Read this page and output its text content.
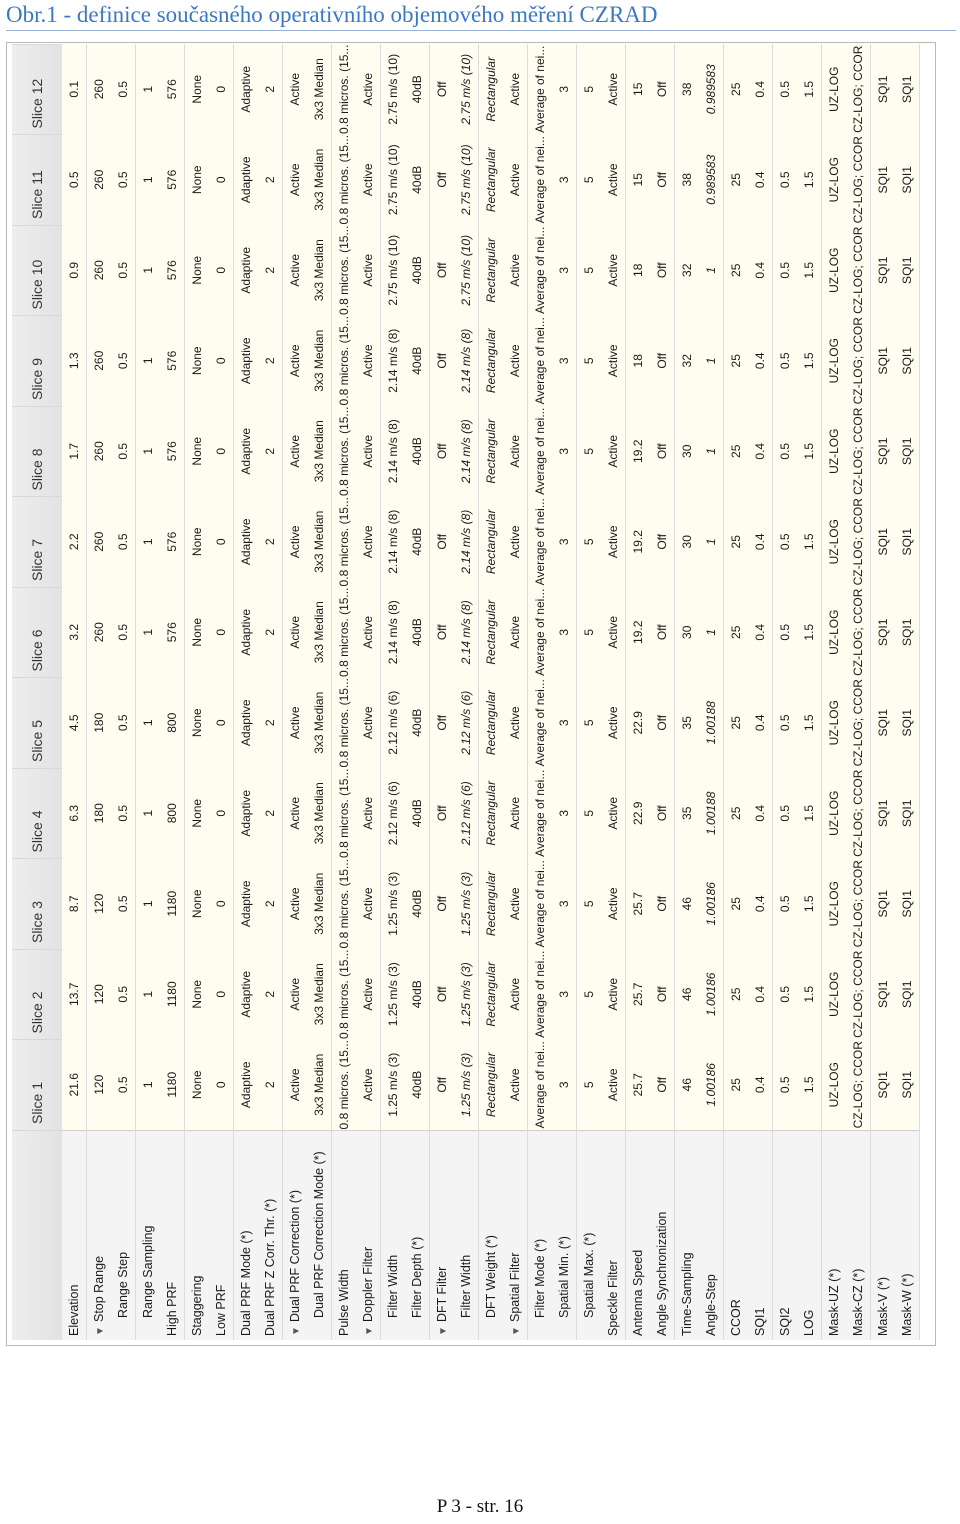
Obr.1 - definice současného operativního objemového měření CZRAD
Slice 1
Slice 2
Slice 3
Slice 4
Slice 5
Slice 6
Slice 7
Slice 8
Slice 9
Slice 10
Slice 11
Slice 12
Elevation
21.6
13.7
8.7
6.3
4.5
3.2
2.2
1.7
1.3
0.9
0.5
0.1
▼Stop Range
120
120
120
180
180
260
260
260
260
260
260
260
Range Step
0.5
0.5
0.5
0.5
0.5
0.5
0.5
0.5
0.5
0.5
0.5
0.5
Range Sampling
1
1
1
1
1
1
1
1
1
1
1
1
High PRF
1180
1180
1180
800
800
576
576
576
576
576
576
576
Staggering
None
None
None
None
None
None
None
None
None
None
None
None
Low PRF
0
0
0
0
0
0
0
0
0
0
0
0
Dual PRF Mode (*)
Adaptive
Adaptive
Adaptive
Adaptive
Adaptive
Adaptive
Adaptive
Adaptive
Adaptive
Adaptive
Adaptive
Adaptive
Dual PRF Z Corr. Thr. (*)
2
2
2
2
2
2
2
2
2
2
2
2
▼Dual PRF Correction (*)
Active
Active
Active
Active
Active
Active
Active
Active
Active
Active
Active
Active
Dual PRF Correction Mode (*)
3x3 Median
3x3 Median
3x3 Median
3x3 Median
3x3 Median
3x3 Median
3x3 Median
3x3 Median
3x3 Median
3x3 Median
3x3 Median
3x3 Median
Pulse Width
0.8 micros. (15...
0.8 micros. (15...
0.8 micros. (15...
0.8 micros. (15...
0.8 micros. (15...
0.8 micros. (15...
0.8 micros. (15...
0.8 micros. (15...
0.8 micros. (15...
0.8 micros. (15...
0.8 micros. (15...
0.8 micros. (15...
▼Doppler Filter
Active
Active
Active
Active
Active
Active
Active
Active
Active
Active
Active
Active
Filter Width
1.25 m/s (3)
1.25 m/s (3)
1.25 m/s (3)
2.12 m/s (6)
2.12 m/s (6)
2.14 m/s (8)
2.14 m/s (8)
2.14 m/s (8)
2.14 m/s (8)
2.75 m/s (10)
2.75 m/s (10)
2.75 m/s (10)
Filter Depth (*)
40dB
40dB
40dB
40dB
40dB
40dB
40dB
40dB
40dB
40dB
40dB
40dB
▼DFT Filter
Off
Off
Off
Off
Off
Off
Off
Off
Off
Off
Off
Off
Filter Width
1.25 m/s (3)
1.25 m/s (3)
1.25 m/s (3)
2.12 m/s (6)
2.12 m/s (6)
2.14 m/s (8)
2.14 m/s (8)
2.14 m/s (8)
2.14 m/s (8)
2.75 m/s (10)
2.75 m/s (10)
2.75 m/s (10)
DFT Weight (*)
Rectangular
Rectangular
Rectangular
Rectangular
Rectangular
Rectangular
Rectangular
Rectangular
Rectangular
Rectangular
Rectangular
Rectangular
▼Spatial Filter
Active
Active
Active
Active
Active
Active
Active
Active
Active
Active
Active
Active
Filter Mode (*)
Average of nei...
Average of nei...
Average of nei...
Average of nei...
Average of nei...
Average of nei...
Average of nei...
Average of nei...
Average of nei...
Average of nei...
Average of nei...
Average of nei...
Spatial Min. (*)
3
3
3
3
3
3
3
3
3
3
3
3
Spatial Max. (*)
5
5
5
5
5
5
5
5
5
5
5
5
Speckle Filter
Active
Active
Active
Active
Active
Active
Active
Active
Active
Active
Active
Active
Antenna Speed
25.7
25.7
25.7
22.9
22.9
19.2
19.2
19.2
18
18
15
15
Angle Synchronization
Off
Off
Off
Off
Off
Off
Off
Off
Off
Off
Off
Off
Time-Sampling
46
46
46
35
35
30
30
30
32
32
38
38
Angle-Step
1.00186
1.00186
1.00186
1.00188
1.00188
1
1
1
1
1
0.989583
0.989583
CCOR
25
25
25
25
25
25
25
25
25
25
25
25
SQI1
0.4
0.4
0.4
0.4
0.4
0.4
0.4
0.4
0.4
0.4
0.4
0.4
SQI2
0.5
0.5
0.5
0.5
0.5
0.5
0.5
0.5
0.5
0.5
0.5
0.5
LOG
1.5
1.5
1.5
1.5
1.5
1.5
1.5
1.5
1.5
1.5
1.5
1.5
Mask-UZ (*)
UZ-LOG
UZ-LOG
UZ-LOG
UZ-LOG
UZ-LOG
UZ-LOG
UZ-LOG
UZ-LOG
UZ-LOG
UZ-LOG
UZ-LOG
UZ-LOG
Mask-CZ (*)
CZ-LOG; CCOR
CZ-LOG; CCOR
CZ-LOG; CCOR
CZ-LOG; CCOR
CZ-LOG; CCOR
CZ-LOG; CCOR
CZ-LOG; CCOR
CZ-LOG; CCOR
CZ-LOG; CCOR
CZ-LOG; CCOR
CZ-LOG; CCOR
CZ-LOG; CCOR
Mask-V (*)
SQI1
SQI1
SQI1
SQI1
SQI1
SQI1
SQI1
SQI1
SQI1
SQI1
SQI1
SQI1
Mask-W (*)
SQI1
SQI1
SQI1
SQI1
SQI1
SQI1
SQI1
SQI1
SQI1
SQI1
SQI1
SQI1
P 3 - str. 16
